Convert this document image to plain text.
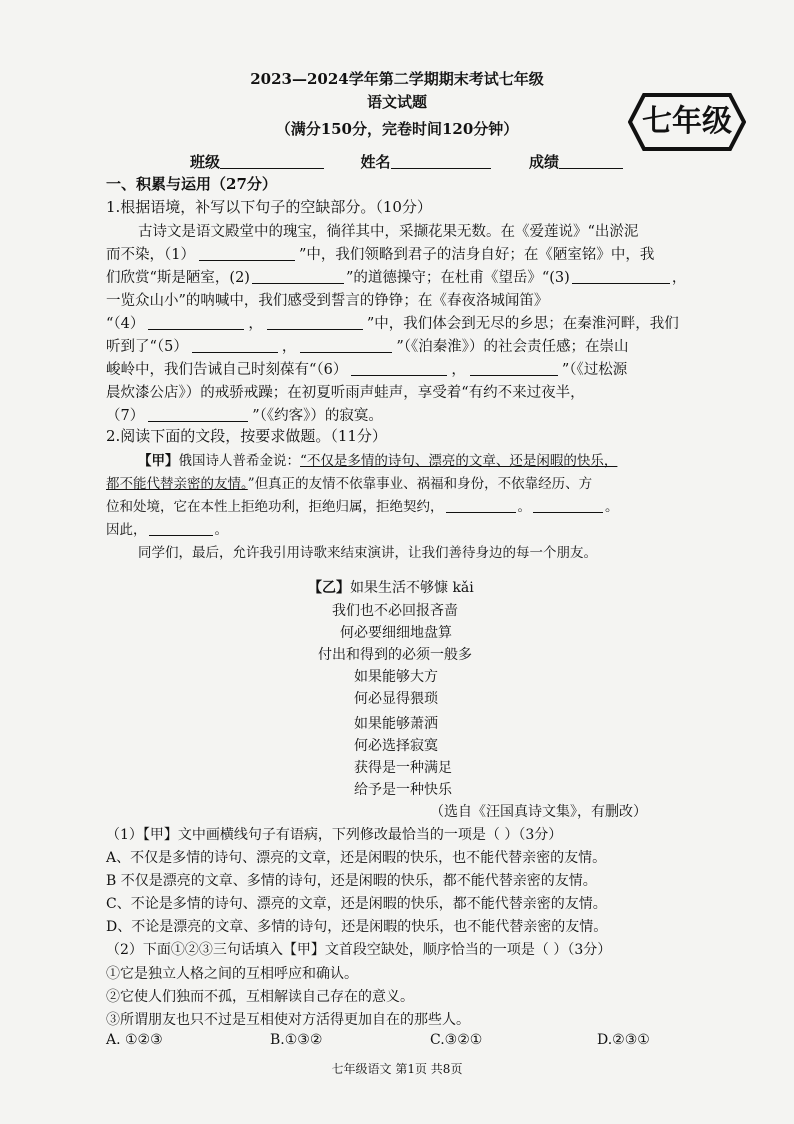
2023—2024学年第二学期期末考试七年级
语文试题
（满分150分，完卷时间120分钟）	七年级
班级	姓名	成绩
一、积累与运用（27分）
1.根据语境，补写以下句子的空缺部分。（10分）
古诗文是语文殿堂中的瑰宝，徜徉其中，采撷花果无数。在《爱莲说》“出淤泥
而不染，（1）	”中，我们领略到君子的洁身自好；在《陋室铭》中，我
们欣赏“斯是陋室，(2)	”的道德操守；在杜甫《望岳》“(3)	，
一览众山小”的呐喊中，我们感受到誓言的铮铮；在《春夜洛城闻笛》
“（4）	，	”中，我们体会到无尽的乡思；在秦淮河畔，我们
听到了“（5）	，	”（《泊秦淮》）的社会责任感；在崇山
峻岭中，我们告诫自己时刻葆有“（6）	，	”（《过松源
晨炊漆公店》）的戒骄戒躁；在初夏听雨声蛙声，享受着“有约不来过夜半，
（7）	”（《约客》）的寂寞。
2.阅读下面的文段，按要求做题。（11分）
【甲】俄国诗人普希金说：“不仅是多情的诗句、漂亮的文章、还是闲暇的快乐，
都不能代替亲密的友情。”但真正的友情不依靠事业、祸福和身份，不依靠经历、方
位和处境，它在本性上拒绝功利，拒绝归属，拒绝契约，	。	。
因此，	。
同学们，最后，允许我引用诗歌来结束演讲，让我们善待身边的每一个朋友。
【乙】如果生活不够慷 kǎi
我们也不必回报吝啬
何必要细细地盘算
付出和得到的必须一般多
如果能够大方
何必显得猥琐
如果能够萧洒
何必选择寂寞
获得是一种满足
给予是一种快乐
（选自《汪国真诗文集》，有删改）
（1）【甲】文中画横线句子有语病，下列修改最恰当的一项是（ ）（3分）
A、不仅是多情的诗句、漂亮的文章，还是闲暇的快乐，也不能代替亲密的友情。
B 不仅是漂亮的文章、多情的诗句，还是闲暇的快乐，都不能代替亲密的友情。
C、不论是多情的诗句、漂亮的文章，还是闲暇的快乐，都不能代替亲密的友情。
D、不论是漂亮的文章、多情的诗句，还是闲暇的快乐，也不能代替亲密的友情。
（2）下面①②③三句话填入【甲】文首段空缺处，顺序恰当的一项是（ ）（3分）
①它是独立人格之间的互相呼应和确认。
②它使人们独而不孤，互相解读自己存在的意义。
③所谓朋友也只不过是互相使对方活得更加自在的那些人。
A. ①②③	B.①③②	C.③②①	D.②③①
七年级语文 第1页 共8页
